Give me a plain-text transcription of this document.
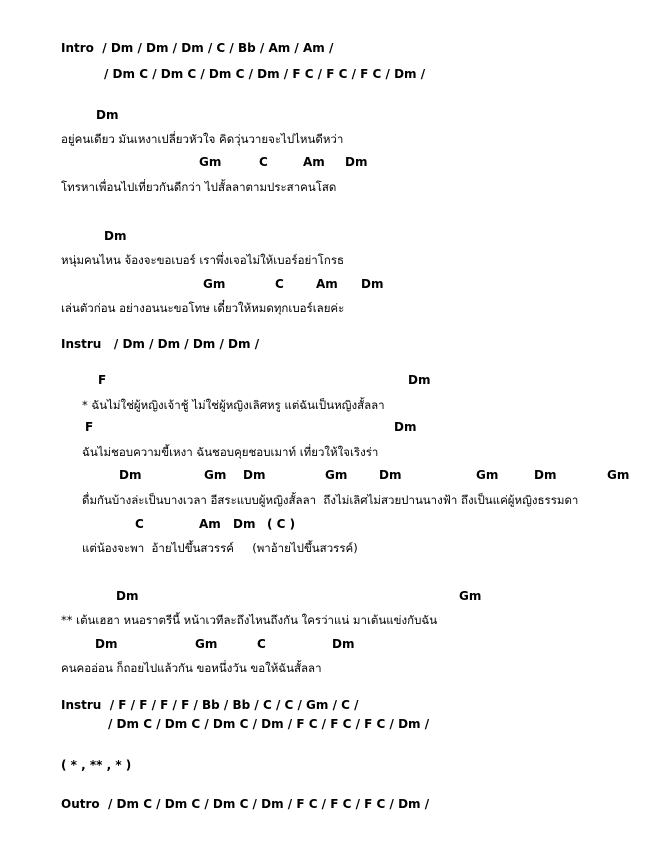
Intro  / Dm / Dm / Dm / C / Bb / Am / Am /
/ Dm C / Dm C / Dm C / Dm / F C / F C / F C / Dm /
Dm
อยู่คนเดียว มันเหงาเปลี่ยวหัวใจ คิดวุ่นวายจะไปไหนดีหว่า
Gm	C	Am Dm
โทรหาเพื่อนไปเที่ยวกันดีกว่า ไปสั้ลลาตามประสาคนโสด
Dm
หนุ่มคนไหน จ้องจะขอเบอร์ เราพึ่งเจอไม่ให้เบอร์อย่าโกรธ
Gm	C	Am Dm
เล่นตัวก่อน อย่างอนนะขอโทษ เดี๋ยวให้หมดทุกเบอร์เลยค่ะ
Instru   / Dm / Dm / Dm / Dm /
F	Dm
* ฉันไม่ใช่ผู้หญิงเจ้าชู้ ไม่ใช่ผู้หญิงเลิศหรู แต่ฉันเป็นหญิงสั้ลลา
F	Dm
ฉันไม่ชอบความขี้เหงา ฉันชอบคุยชอบเมาท์ เที่ยวให้ใจเริงร่า
Dm	Gm Dm	Gm	Dm	Gm	Dm	Gm
ดื่มกันบ้างล่ะเป็นบางเวลา อีสระแบบผู้หญิงสั้ลลา  ถึงไม่เลิศไม่สวยปานนางฟ้า ถึงเป็นแค่ผู้หญิงธรรมดา
C	Am Dm ( C )
แต่น้องจะพา  อ้ายไปขึ้นสวรรค์     (พาอ้ายไปขึ้นสวรรค์)
Dm	Gm
** เต้นเฮฮา หนอราตรีนี้ หน้าเวทีละถึงไหนถึงกัน ใครว่าแน่ มาเต้นแข่งกับฉัน
Dm	Gm	C	Dm
คนคออ่อน ก็ถอยไปแล้วกัน ขอหนึ่งวัน ขอให้ฉันสั้ลลา
Instru  / F / F / F / F / Bb / Bb / C / C / Gm / C /
/ Dm C / Dm C / Dm C / Dm / F C / F C / F C / Dm /
( * , ** , * )
Outro  / Dm C / Dm C / Dm C / Dm / F C / F C / F C / Dm /
